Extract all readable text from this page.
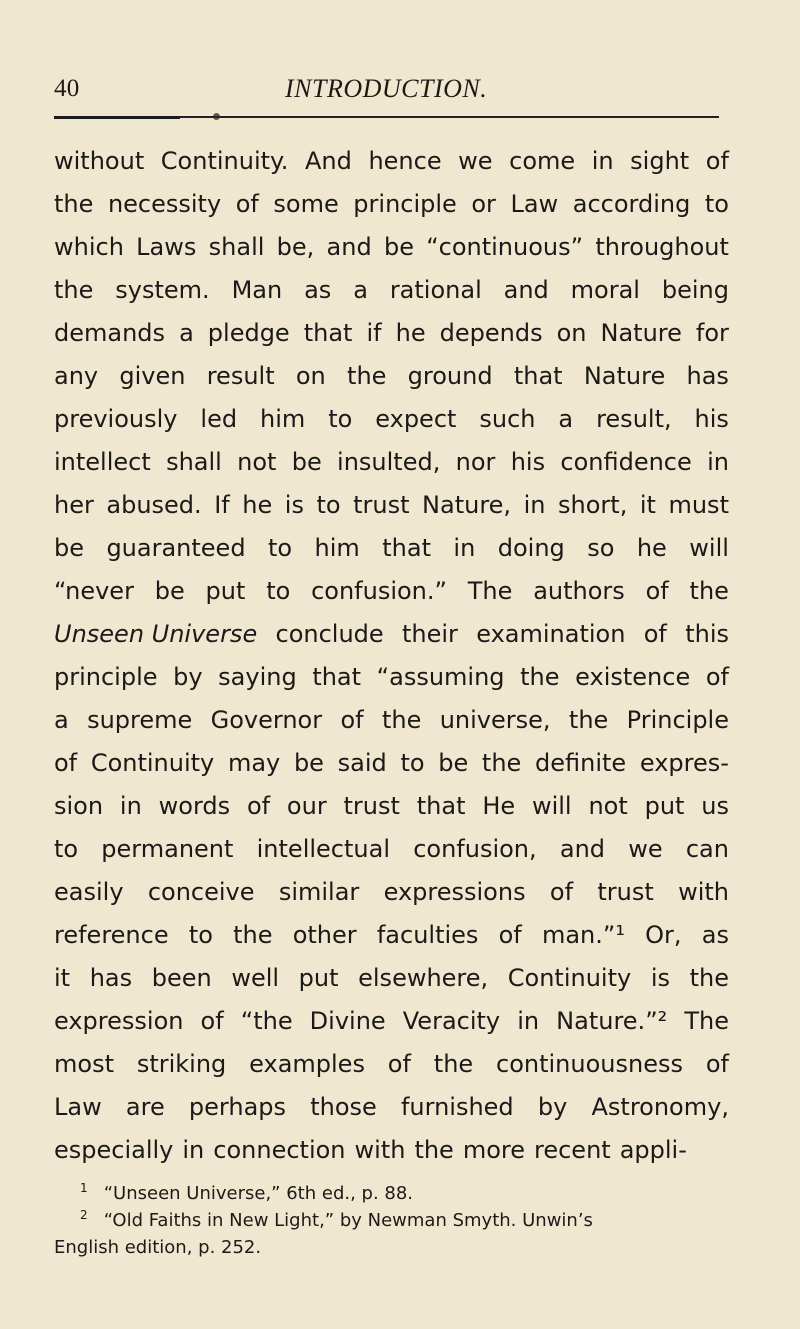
40	INTRODUCTION.
without Continuity. And hence we come in sight of
the necessity of some principle or Law according to
which Laws shall be, and be “continuous” throughout
the system. Man as a rational and moral being
demands a pledge that if he depends on Nature for
any given result on the ground that Nature has
previously led him to expect such a result, his
intellect shall not be insulted, nor his confidence in
her abused. If he is to trust Nature, in short, it must
be guaranteed to him that in doing so he will
“never be put to confusion.” The authors of the
Unseen Universe conclude their examination of this
principle by saying that “assuming the existence of
a supreme Governor of the universe, the Principle
of Continuity may be said to be the definite expres-
sion in words of our trust that He will not put us
to permanent intellectual confusion, and we can
easily conceive similar expressions of trust with
reference to the other faculties of man.”¹ Or, as
it has been well put elsewhere, Continuity is the
expression of “the Divine Veracity in Nature.”² The
most striking examples of the continuousness of
Law are perhaps those furnished by Astronomy,
especially in connection with the more recent appli-
1 “Unseen Universe,” 6th ed., p. 88.
2 “Old Faiths in New Light,” by Newman Smyth. Unwin’s
English edition, p. 252.
